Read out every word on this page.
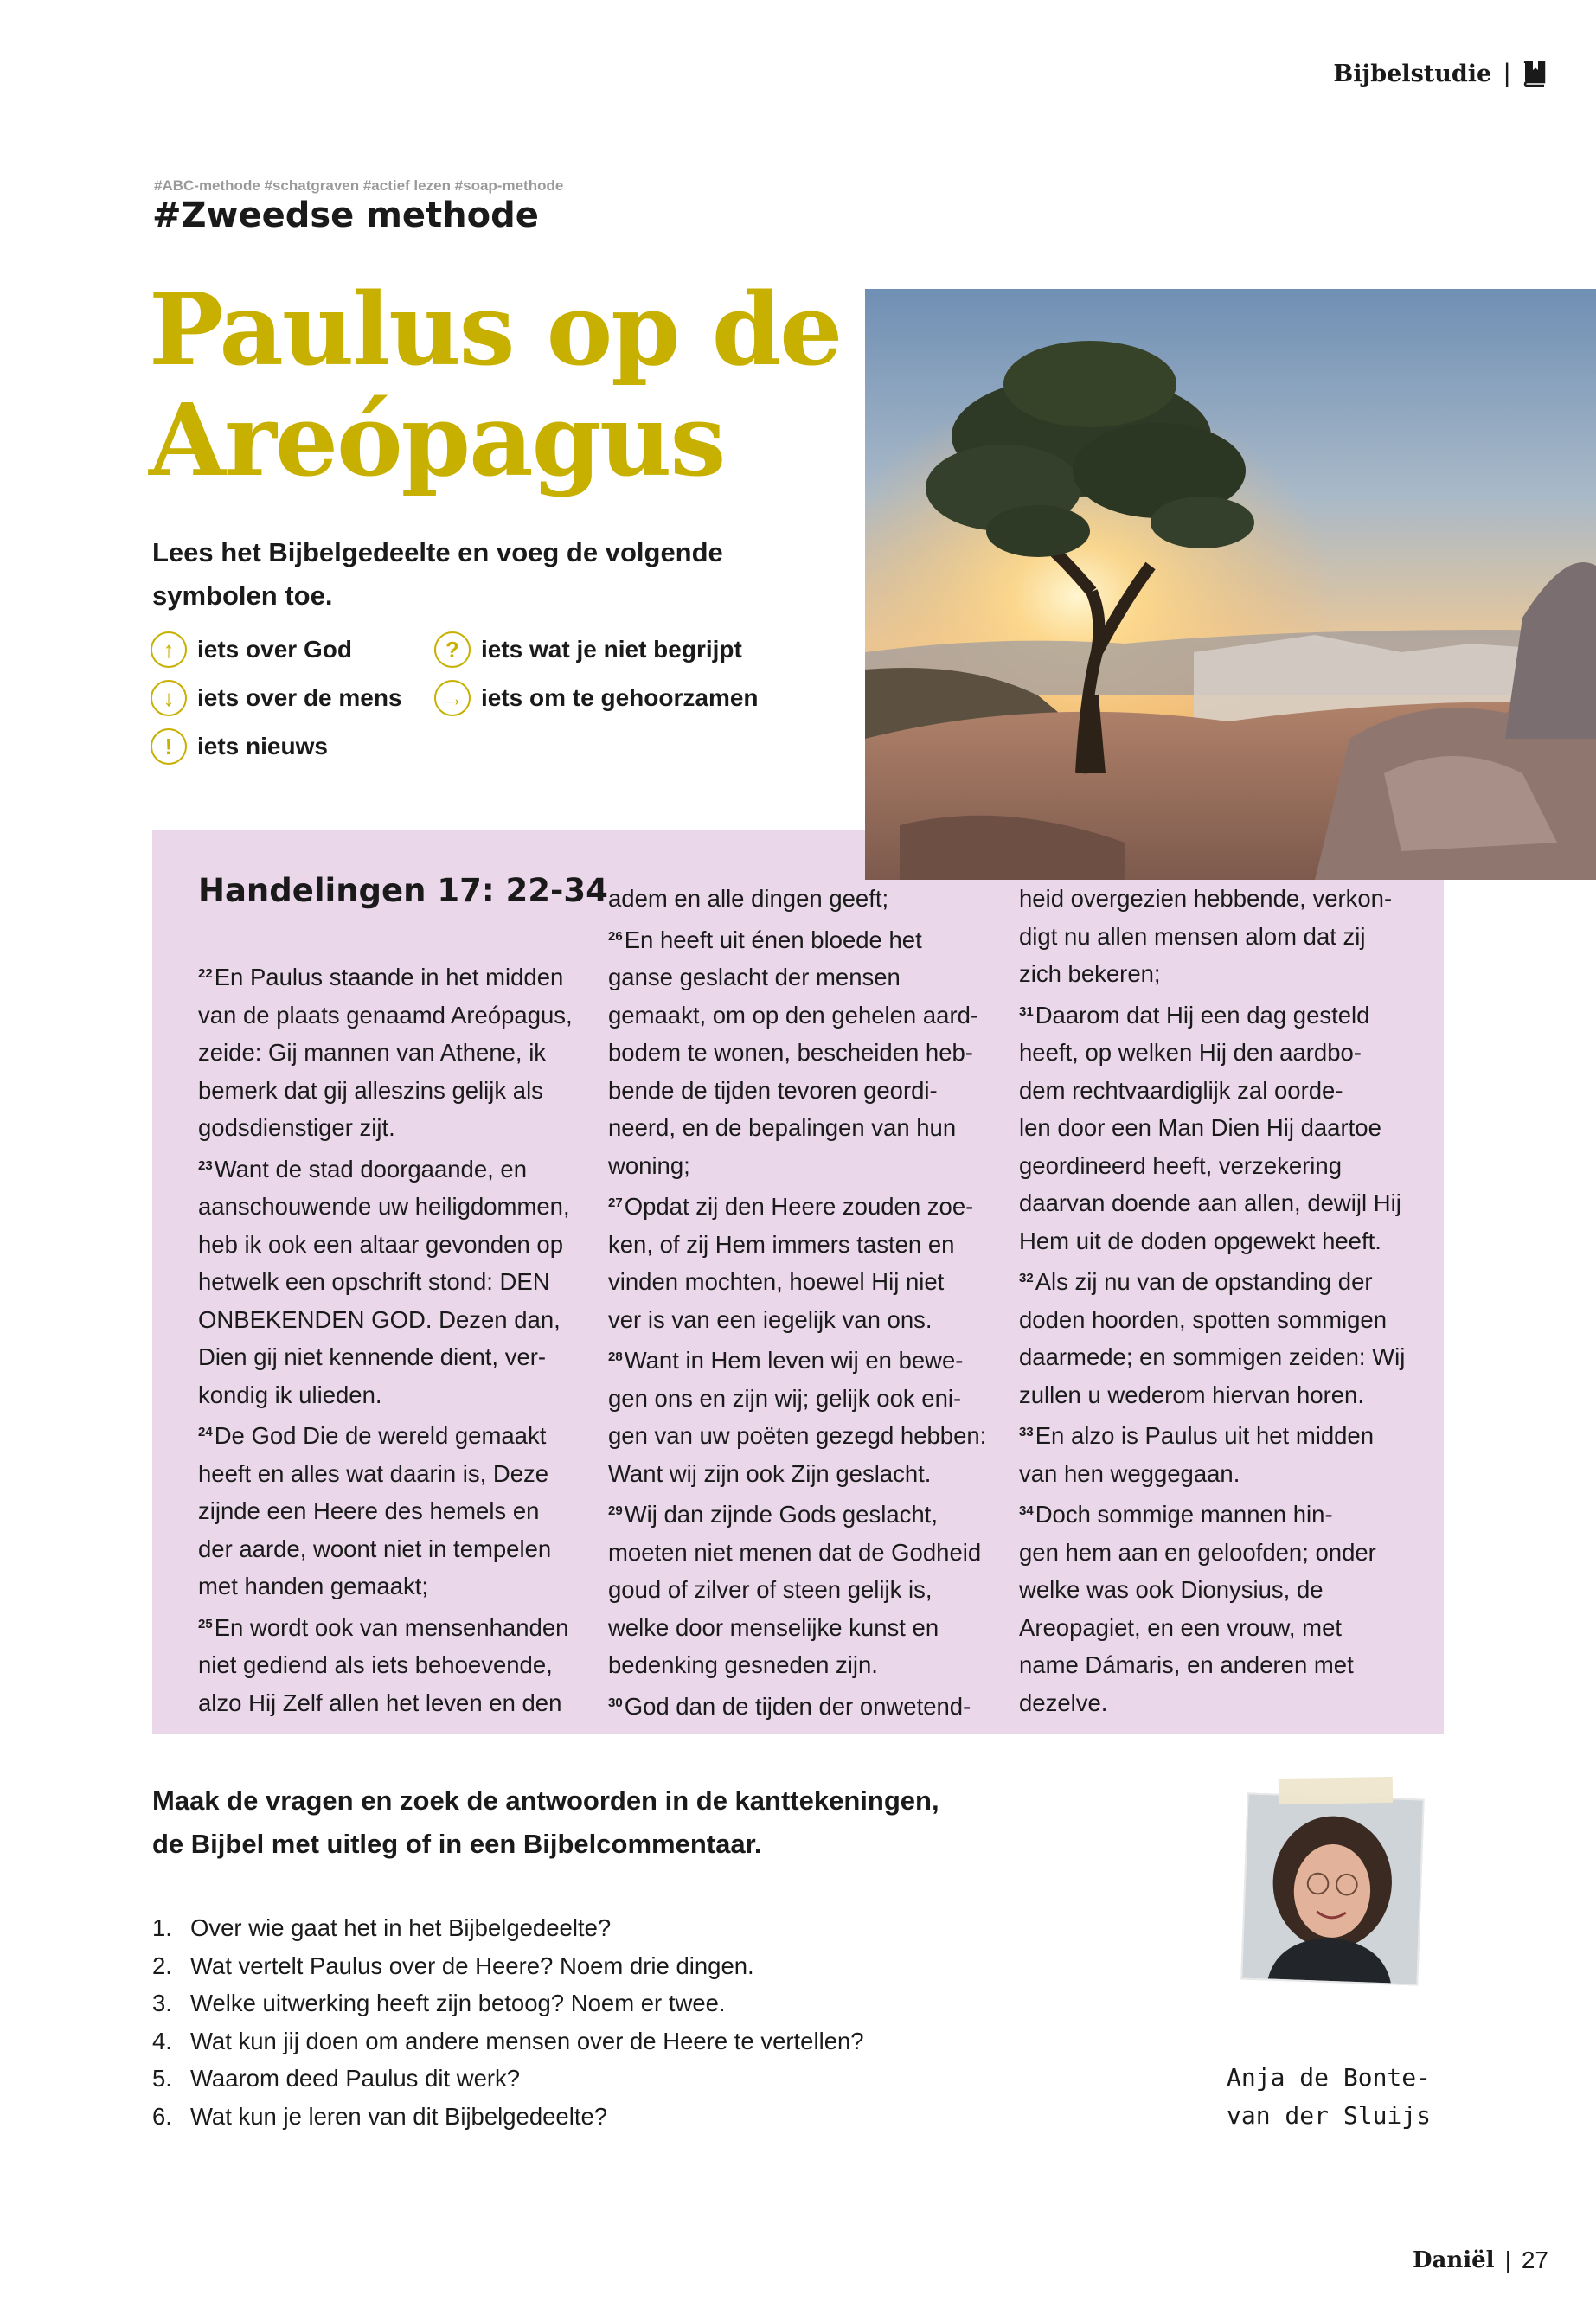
Bijbelstudie |
#ABC-methode #schatgraven #actief lezen #soap-methode
#Zweedse methode
Paulus op de
Areópagus
Lees het Bijbelgedeelte en voeg de volgende
symbolen toe.
↑ iets over God	? iets wat je niet begrijpt
↓ iets over de mens	→ iets om te gehoorzamen
!	iets nieuws
Handelingen 17: 22-34
$^{22}$En Paulus staande in het midden
van de plaats genaamd Areópagus,
zeide: Gij mannen van Athene, ik
bemerk dat gij alleszins gelijk als
godsdienstiger zijt.
$^{23}$Want de stad doorgaande, en
aanschouwende uw heiligdommen,
heb ik ook een altaar gevonden op
hetwelk een opschrift stond: DEN
ONBEKENDEN GOD. Dezen dan,
Dien gij niet kennende dient, ver-
kondig ik ulieden.
$^{24}$De God Die de wereld gemaakt
heeft en alles wat daarin is, Deze
zijnde een Heere des hemels en
der aarde, woont niet in tempelen
met handen gemaakt;
$^{25}$En wordt ook van mensenhanden
niet gediend als iets behoevende,
alzo Hij Zelf allen het leven en den
adem en alle dingen geeft;
$^{26}$En heeft uit énen bloede het
ganse geslacht der mensen
gemaakt, om op den gehelen aard-
bodem te wonen, bescheiden heb-
bende de tijden tevoren geordi-
neerd, en de bepalingen van hun
woning;
$^{27}$Opdat zij den Heere zouden zoe-
ken, of zij Hem immers tasten en
vinden mochten, hoewel Hij niet
ver is van een iegelijk van ons.
$^{28}$Want in Hem leven wij en bewe-
gen ons en zijn wij; gelijk ook eni-
gen van uw poëten gezegd hebben:
Want wij zijn ook Zijn geslacht.
$^{29}$Wij dan zijnde Gods geslacht,
moeten niet menen dat de Godheid
goud of zilver of steen gelijk is,
welke door menselijke kunst en
bedenking gesneden zijn.
$^{30}$God dan de tijden der onwetend-
heid overgezien hebbende, verkon-
digt nu allen mensen alom dat zij
zich bekeren;
$^{31}$Daarom dat Hij een dag gesteld
heeft, op welken Hij den aardbo-
dem rechtvaardiglijk zal oorde-
len door een Man Dien Hij daartoe
geordineerd heeft, verzekering
daarvan doende aan allen, dewijl Hij
Hem uit de doden opgewekt heeft.
$^{32}$Als zij nu van de opstanding der
doden hoorden, spotten sommigen
daarmede; en sommigen zeiden: Wij
zullen u wederom hiervan horen.
$^{33}$En alzo is Paulus uit het midden
van hen weggegaan.
$^{34}$Doch sommige mannen hin-
gen hem aan en geloofden; onder
welke was ook Dionysius, de
Areopagiet, en een vrouw, met
name Dámaris, en anderen met
dezelve.
Maak de vragen en zoek de antwoorden in de kanttekeningen,
de Bijbel met uitleg of in een Bijbelcommentaar.
1. Over wie gaat het in het Bijbelgedeelte?
2. Wat vertelt Paulus over de Heere? Noem drie dingen.
3. Welke uitwerking heeft zijn betoog? Noem er twee.
4. Wat kun jij doen om andere mensen over de Heere te vertellen?
5. Waarom deed Paulus dit werk?
6. Wat kun je leren van dit Bijbelgedeelte?
Anja de Bonte-
van der Sluijs
Daniël | 27
